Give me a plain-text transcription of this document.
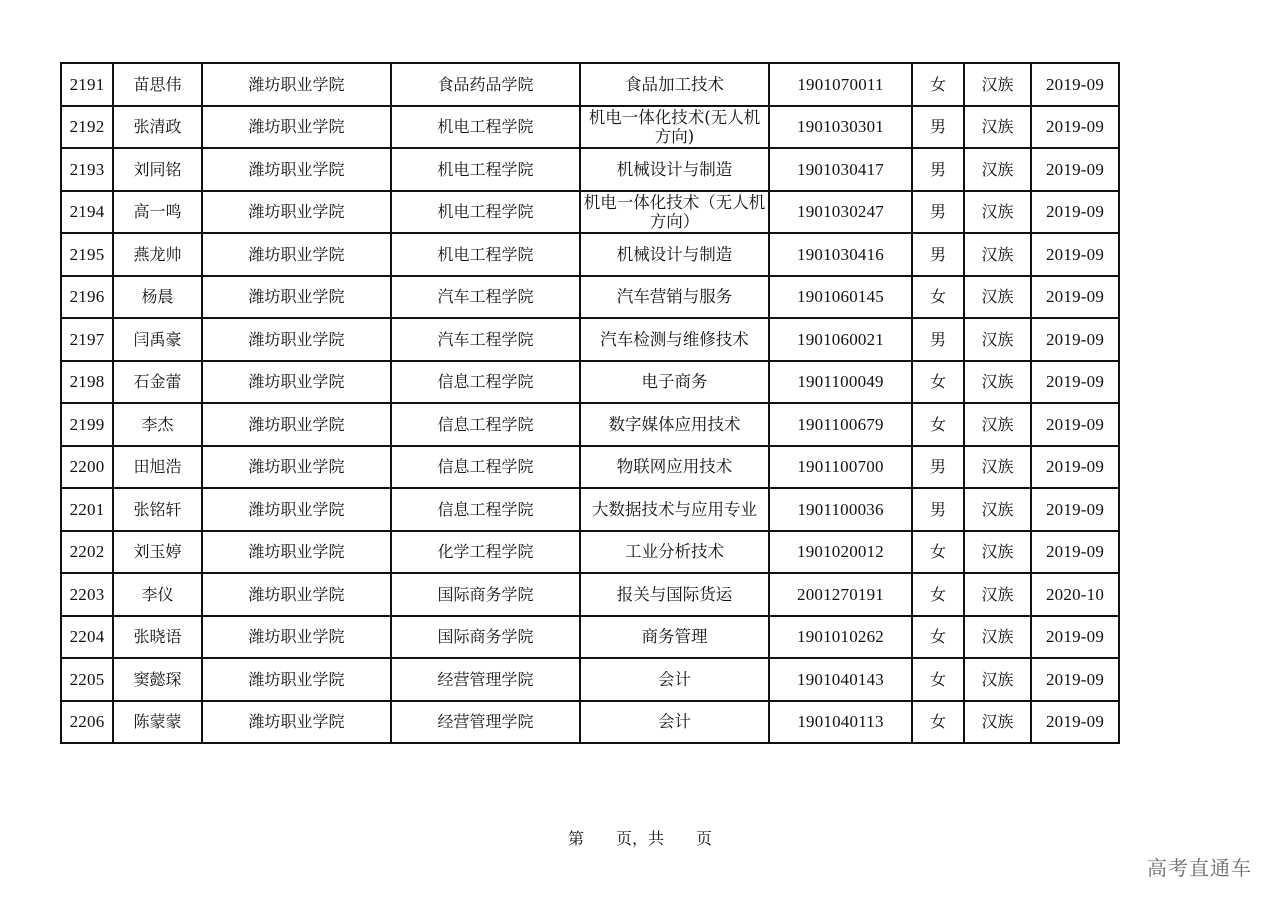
2191	苗思伟	潍坊职业学院	食品药品学院	食品加工技术	1901070011	女	汉族	2019-09
2192	张清政	潍坊职业学院	机电工程学院	机电一体化技术(无人机方向)	1901030301	男	汉族	2019-09
2193	刘同铭	潍坊职业学院	机电工程学院	机械设计与制造	1901030417	男	汉族	2019-09
2194	高一鸣	潍坊职业学院	机电工程学院	机电一体化技术（无人机方向）	1901030247	男	汉族	2019-09
2195	燕龙帅	潍坊职业学院	机电工程学院	机械设计与制造	1901030416	男	汉族	2019-09
2196	杨晨	潍坊职业学院	汽车工程学院	汽车营销与服务	1901060145	女	汉族	2019-09
2197	闫禹豪	潍坊职业学院	汽车工程学院	汽车检测与维修技术	1901060021	男	汉族	2019-09
2198	石金蕾	潍坊职业学院	信息工程学院	电子商务	1901100049	女	汉族	2019-09
2199	李杰	潍坊职业学院	信息工程学院	数字媒体应用技术	1901100679	女	汉族	2019-09
2200	田旭浩	潍坊职业学院	信息工程学院	物联网应用技术	1901100700	男	汉族	2019-09
2201	张铭轩	潍坊职业学院	信息工程学院	大数据技术与应用专业	1901100036	男	汉族	2019-09
2202	刘玉婷	潍坊职业学院	化学工程学院	工业分析技术	1901020012	女	汉族	2019-09
2203	李仪	潍坊职业学院	国际商务学院	报关与国际货运	2001270191	女	汉族	2020-10
2204	张晓语	潍坊职业学院	国际商务学院	商务管理	1901010262	女	汉族	2019-09
2205	窦懿琛	潍坊职业学院	经营管理学院	会计	1901040143	女	汉族	2019-09
2206	陈蒙蒙	潍坊职业学院	经营管理学院	会计	1901040113	女	汉族	2019-09
第　　页，共　　页
高考直通车
